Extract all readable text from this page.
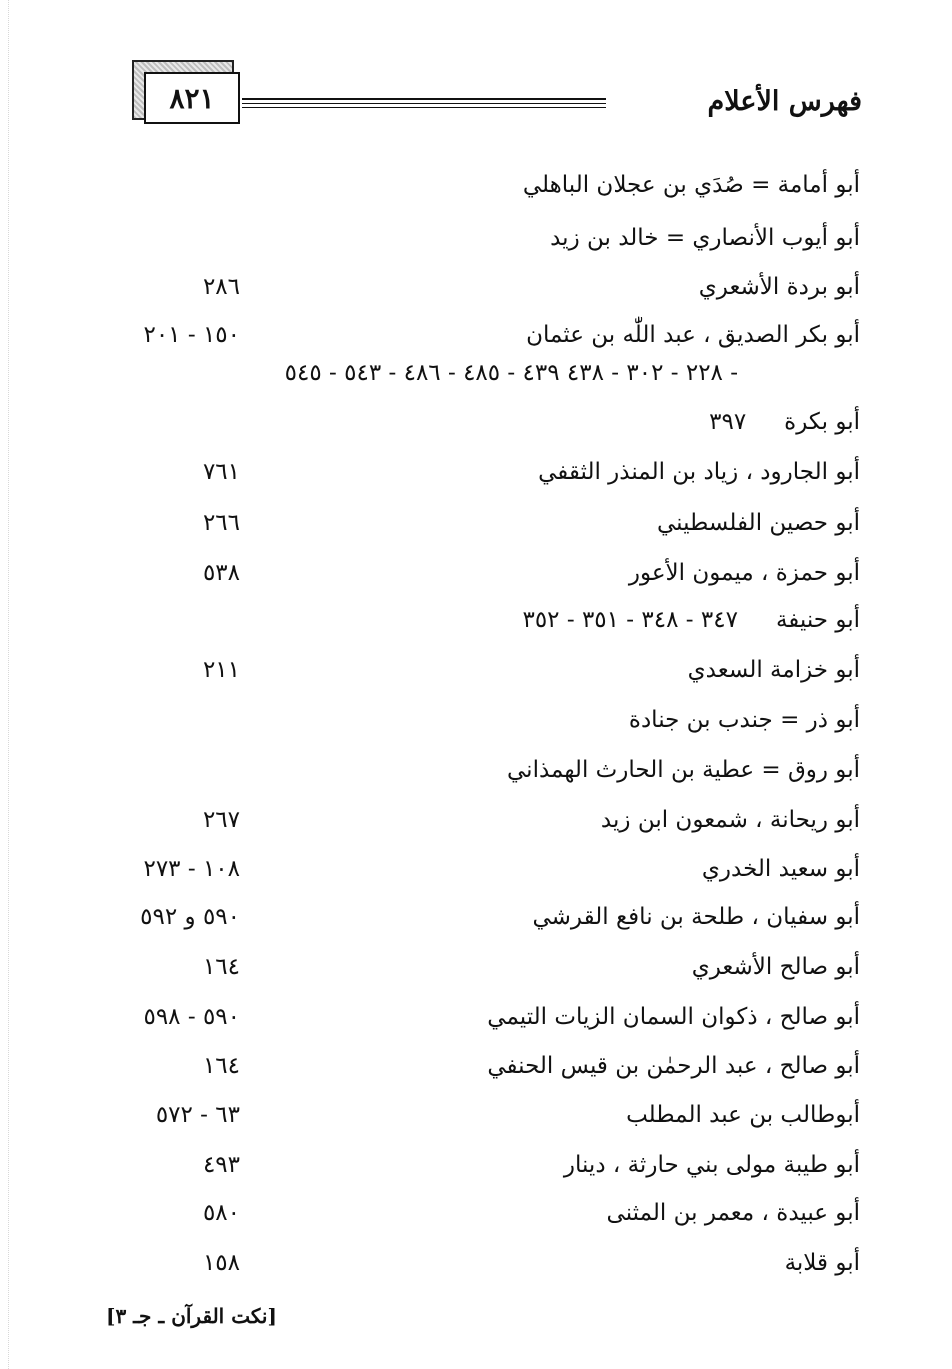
٨٢١	فهرس الأعلام
أبو أمامة = صُدَي بن عجلان الباهلي
أبو أيوب الأنصاري = خالد بن زيد
أبو بردة الأشعري
٢٨٦
أبو بكر الصديق ، عبد اللّٰه بن عثمان
١٥٠ - ٢٠١
- ٢٢٨ - ٣٠٢ - ٤٣٨ ٤٣٩ - ٤٨٥ - ٤٨٦ - ٥٤٣ - ٥٤٥
أبو بكرة٣٩٧
أبو الجارود ، زياد بن المنذر الثقفي
٧٦١
أبو حصين الفلسطيني
٢٦٦
أبو حمزة ، ميمون الأعور
٥٣٨
أبو حنيفة٣٤٧ - ٣٤٨ - ٣٥١ - ٣٥٢
أبو خزامة السعدي
٢١١
أبو ذر = جندب بن جنادة
أبو روق = عطية بن الحارث الهمذاني
أبو ريحانة ، شمعون ابن زيد
٢٦٧
أبو سعيد الخدري
١٠٨ - ٢٧٣
أبو سفيان ، طلحة بن نافع القرشي
٥٩٠ و ٥٩٢
أبو صالح الأشعري
١٦٤
أبو صالح ، ذكوان السمان الزيات التيمي
٥٩٠ - ٥٩٨
أبو صالح ، عبد الرحمٰن بن قيس الحنفي
١٦٤
أبوطالب بن عبد المطلب
٦٣ - ٥٧٢
أبو طيبة مولى بني حارثة ، دينار
٤٩٣
أبو عبيدة ، معمر بن المثنى
٥٨٠
أبو قلابة
١٥٨
[نكت القرآن ـ جـ ٣]
